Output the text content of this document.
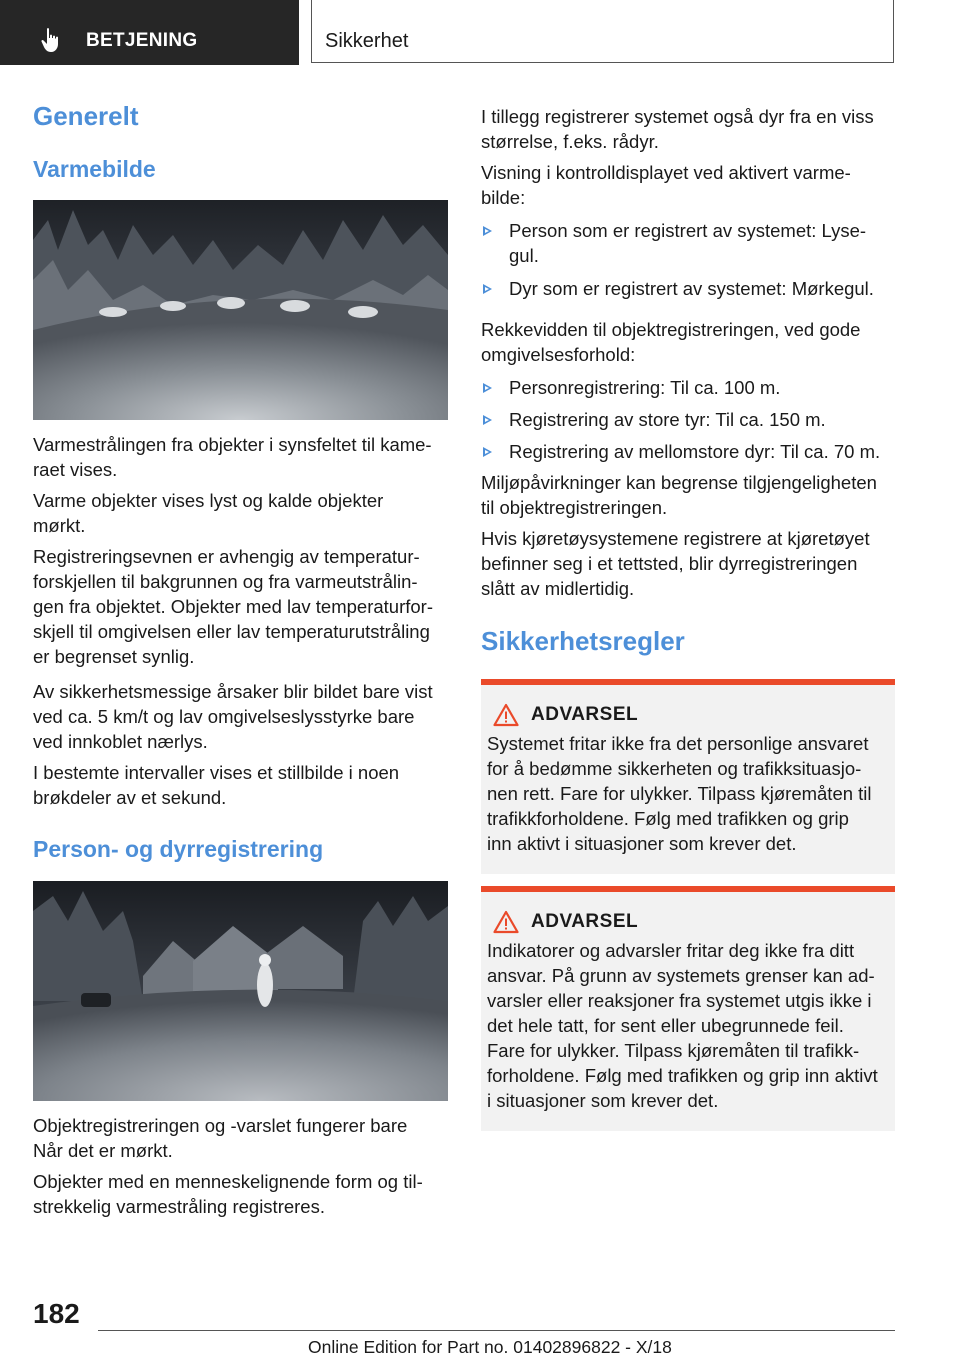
BETJENING	Sikkerhet
Generelt
Varmebilde

Varmestrålingen fra objekter i synsfeltet til kame-

raet vises.

Varme objekter vises lyst og kalde objekter

mørkt.

Registreringsevnen er avhengig av temperatur-

forskjellen til bakgrunnen og fra varmeutstrålin-

gen fra objektet. Objekter med lav temperaturfor-

skjell til omgivelsen eller lav temperaturutstråling

er begrenset synlig.

Av sikkerhetsmessige årsaker blir bildet bare vist

ved ca. 5 km/t og lav omgivelseslysstyrke bare

ved innkoblet nærlys.

I bestemte intervaller vises et stillbilde i noen

brøkdeler av et sekund.

Person- og dyrregistrering

Objektregistreringen og -varslet fungerer bare

Når det er mørkt.

Objekter med en menneskelignende form og til-

strekkelig varmestråling registreres.

I tillegg registrerer systemet også dyr fra en viss

størrelse, f.eks. rådyr.

Visning i kontrolldisplayet ved aktivert varme-

bilde:

Person som er registrert av systemet: Lyse-
gul.
Dyr som er registrert av systemet: Mørkegul.

Rekkevidden til objektregistreringen, ved gode

omgivelsesforhold:

Personregistrering: Til ca. 100 m.
Registrering av store tyr: Til ca. 150 m.
Registrering av mellomstore dyr: Til ca. 70 m.

Miljøpåvirkninger kan begrense tilgjengeligheten

til objektregistreringen.

Hvis kjøretøysystemene registrere at kjøretøyet

befinner seg i et tettsted, blir dyrregistreringen

slått av midlertidig.

Sikkerhetsregler
ADVARSEL

Systemet fritar ikke fra det personlige ansvaret

for å bedømme sikkerheten og trafikksituasjo-

nen rett. Fare for ulykker. Tilpass kjøremåten til

trafikkforholdene. Følg med trafikken og grip

inn aktivt i situasjoner som krever det.

ADVARSEL

Indikatorer og advarsler fritar deg ikke fra ditt

ansvar. På grunn av systemets grenser kan ad-

varsler eller reaksjoner fra systemet utgis ikke i

det hele tatt, for sent eller ubegrunnede feil.

Fare for ulykker. Tilpass kjøremåten til trafikk-

forholdene. Følg med trafikken og grip inn aktivt

i situasjoner som krever det.

182
Online Edition for Part no. 01402896822 - X/18
